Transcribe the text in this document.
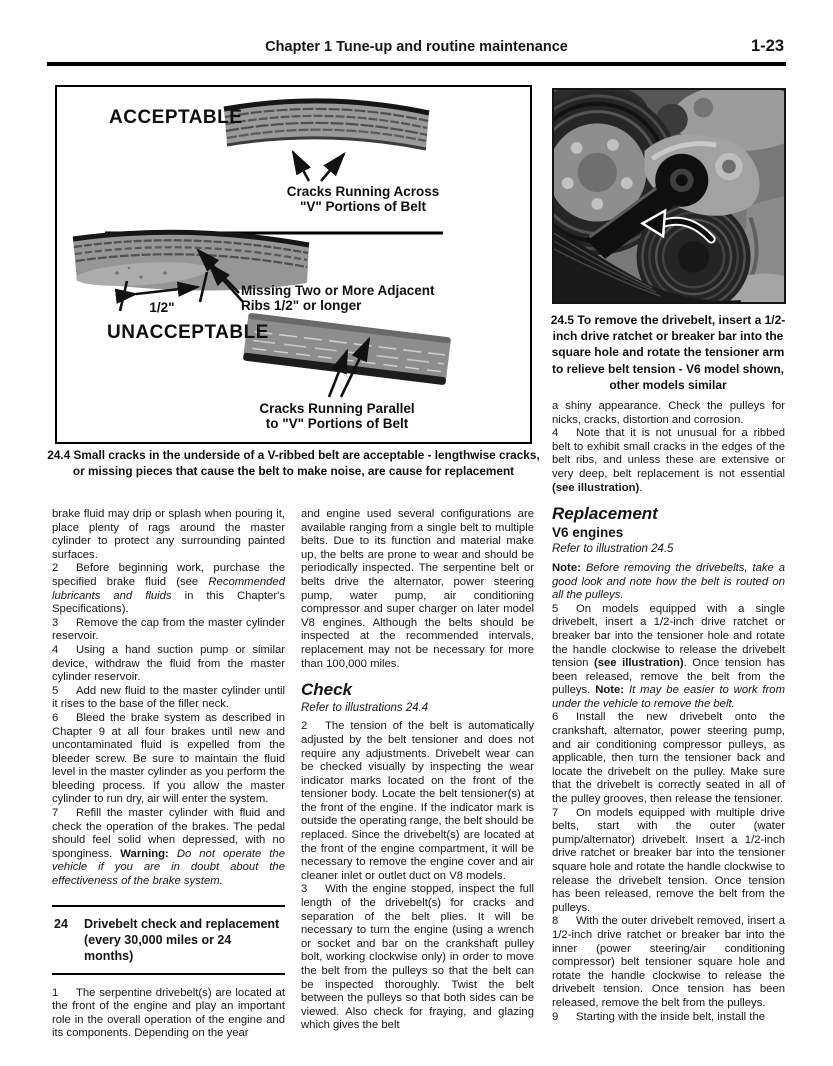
Chapter 1 Tune-up and routine maintenance	1-23
ACCEPTABLE
Cracks Running Across
"V" Portions of Belt
1/2"
Missing Two or More Adjacent
Ribs 1/2" or longer
UNACCEPTABLE
Cracks Running Parallel
to "V" Portions of Belt
24.4 Small cracks in the underside of a V-ribbed belt are acceptable - lengthwise cracks, or missing pieces that cause the belt to make noise, are cause for replacement
24.5 To remove the drivebelt, insert a 1/2-inch drive ratchet or breaker bar into the square hole and rotate the tensioner arm to relieve belt tension - V6 model shown, other models similar

brake fluid may drip or splash when pouring it, place plenty of rags around the master cylinder to protect any surrounding painted surfaces.

2 Before beginning work, purchase the specified brake fluid (see Recommended lubricants and fluids in this Chapter's Specifications).

3 Remove the cap from the master cylinder reservoir.

4 Using a hand suction pump or similar device, withdraw the fluid from the master cylinder reservoir.

5 Add new fluid to the master cylinder until it rises to the base of the filler neck.

6 Bleed the brake system as described in Chapter 9 at all four brakes until new and uncontaminated fluid is expelled from the bleeder screw. Be sure to maintain the fluid level in the master cylinder as you perform the bleeding process. If you allow the master cylinder to run dry, air will enter the system.

7 Refill the master cylinder with fluid and check the operation of the brakes. The pedal should feel solid when depressed, with no sponginess. Warning: Do not operate the vehicle if you are in doubt about the effectiveness of the brake system.

24	Drivebelt check and replacement
(every 30,000 miles or 24 months)

1 The serpentine drivebelt(s) are located at the front of the engine and play an important role in the overall operation of the engine and its components. Depending on the year

and engine used several configurations are available ranging from a single belt to multiple belts. Due to its function and material make up, the belts are prone to wear and should be periodically inspected. The serpentine belt or belts drive the alternator, power steering pump, water pump, air conditioning compressor and super charger on later model V8 engines. Although the belts should be inspected at the recommended intervals, replacement may not be necessary for more than 100,000 miles.

Check
Refer to illustrations 24.4

2 The tension of the belt is automatically adjusted by the belt tensioner and does not require any adjustments. Drivebelt wear can be checked visually by inspecting the wear indicator marks located on the front of the tensioner body. Locate the belt tensioner(s) at the front of the engine. If the indicator mark is outside the operating range, the belt should be replaced. Since the drivebelt(s) are located at the front of the engine compartment, it will be necessary to remove the engine cover and air cleaner inlet or outlet duct on V8 models.

3 With the engine stopped, inspect the full length of the drivebelt(s) for cracks and separation of the belt plies. It will be necessary to turn the engine (using a wrench or socket and bar on the crankshaft pulley bolt, working clockwise only) in order to move the belt from the pulleys so that the belt can be inspected thoroughly. Twist the belt between the pulleys so that both sides can be viewed. Also check for fraying, and glazing which gives the belt

a shiny appearance. Check the pulleys for nicks, cracks, distortion and corrosion.

4 Note that it is not unusual for a ribbed belt to exhibit small cracks in the edges of the belt ribs, and unless these are extensive or very deep, belt replacement is not essential (see illustration).

Replacement
V6 engines
Refer to illustration 24.5

Note: Before removing the drivebelts, take a good look and note how the belt is routed on all the pulleys.

5 On models equipped with a single drivebelt, insert a 1/2-inch drive ratchet or breaker bar into the tensioner hole and rotate the handle clockwise to release the drivebelt tension (see illustration). Once tension has been released, remove the belt from the pulleys. Note: It may be easier to work from under the vehicle to remove the belt.

6 Install the new drivebelt onto the crankshaft, alternator, power steering pump, and air conditioning compressor pulleys, as applicable, then turn the tensioner back and locate the drivebelt on the pulley. Make sure that the drivebelt is correctly seated in all of the pulley grooves, then release the tensioner.

7 On models equipped with multiple drive belts, start with the outer (water pump/alternator) drivebelt. Insert a 1/2-inch drive ratchet or breaker bar into the tensioner square hole and rotate the handle clockwise to release the drivebelt tension. Once tension has been released, remove the belt from the pulleys.

8 With the outer drivebelt removed, insert a 1/2-inch drive ratchet or breaker bar into the inner (power steering/air conditioning compressor) belt tensioner square hole and rotate the handle clockwise to release the drivebelt tension. Once tension has been released, remove the belt from the pulleys.

9 Starting with the inside belt, install the
